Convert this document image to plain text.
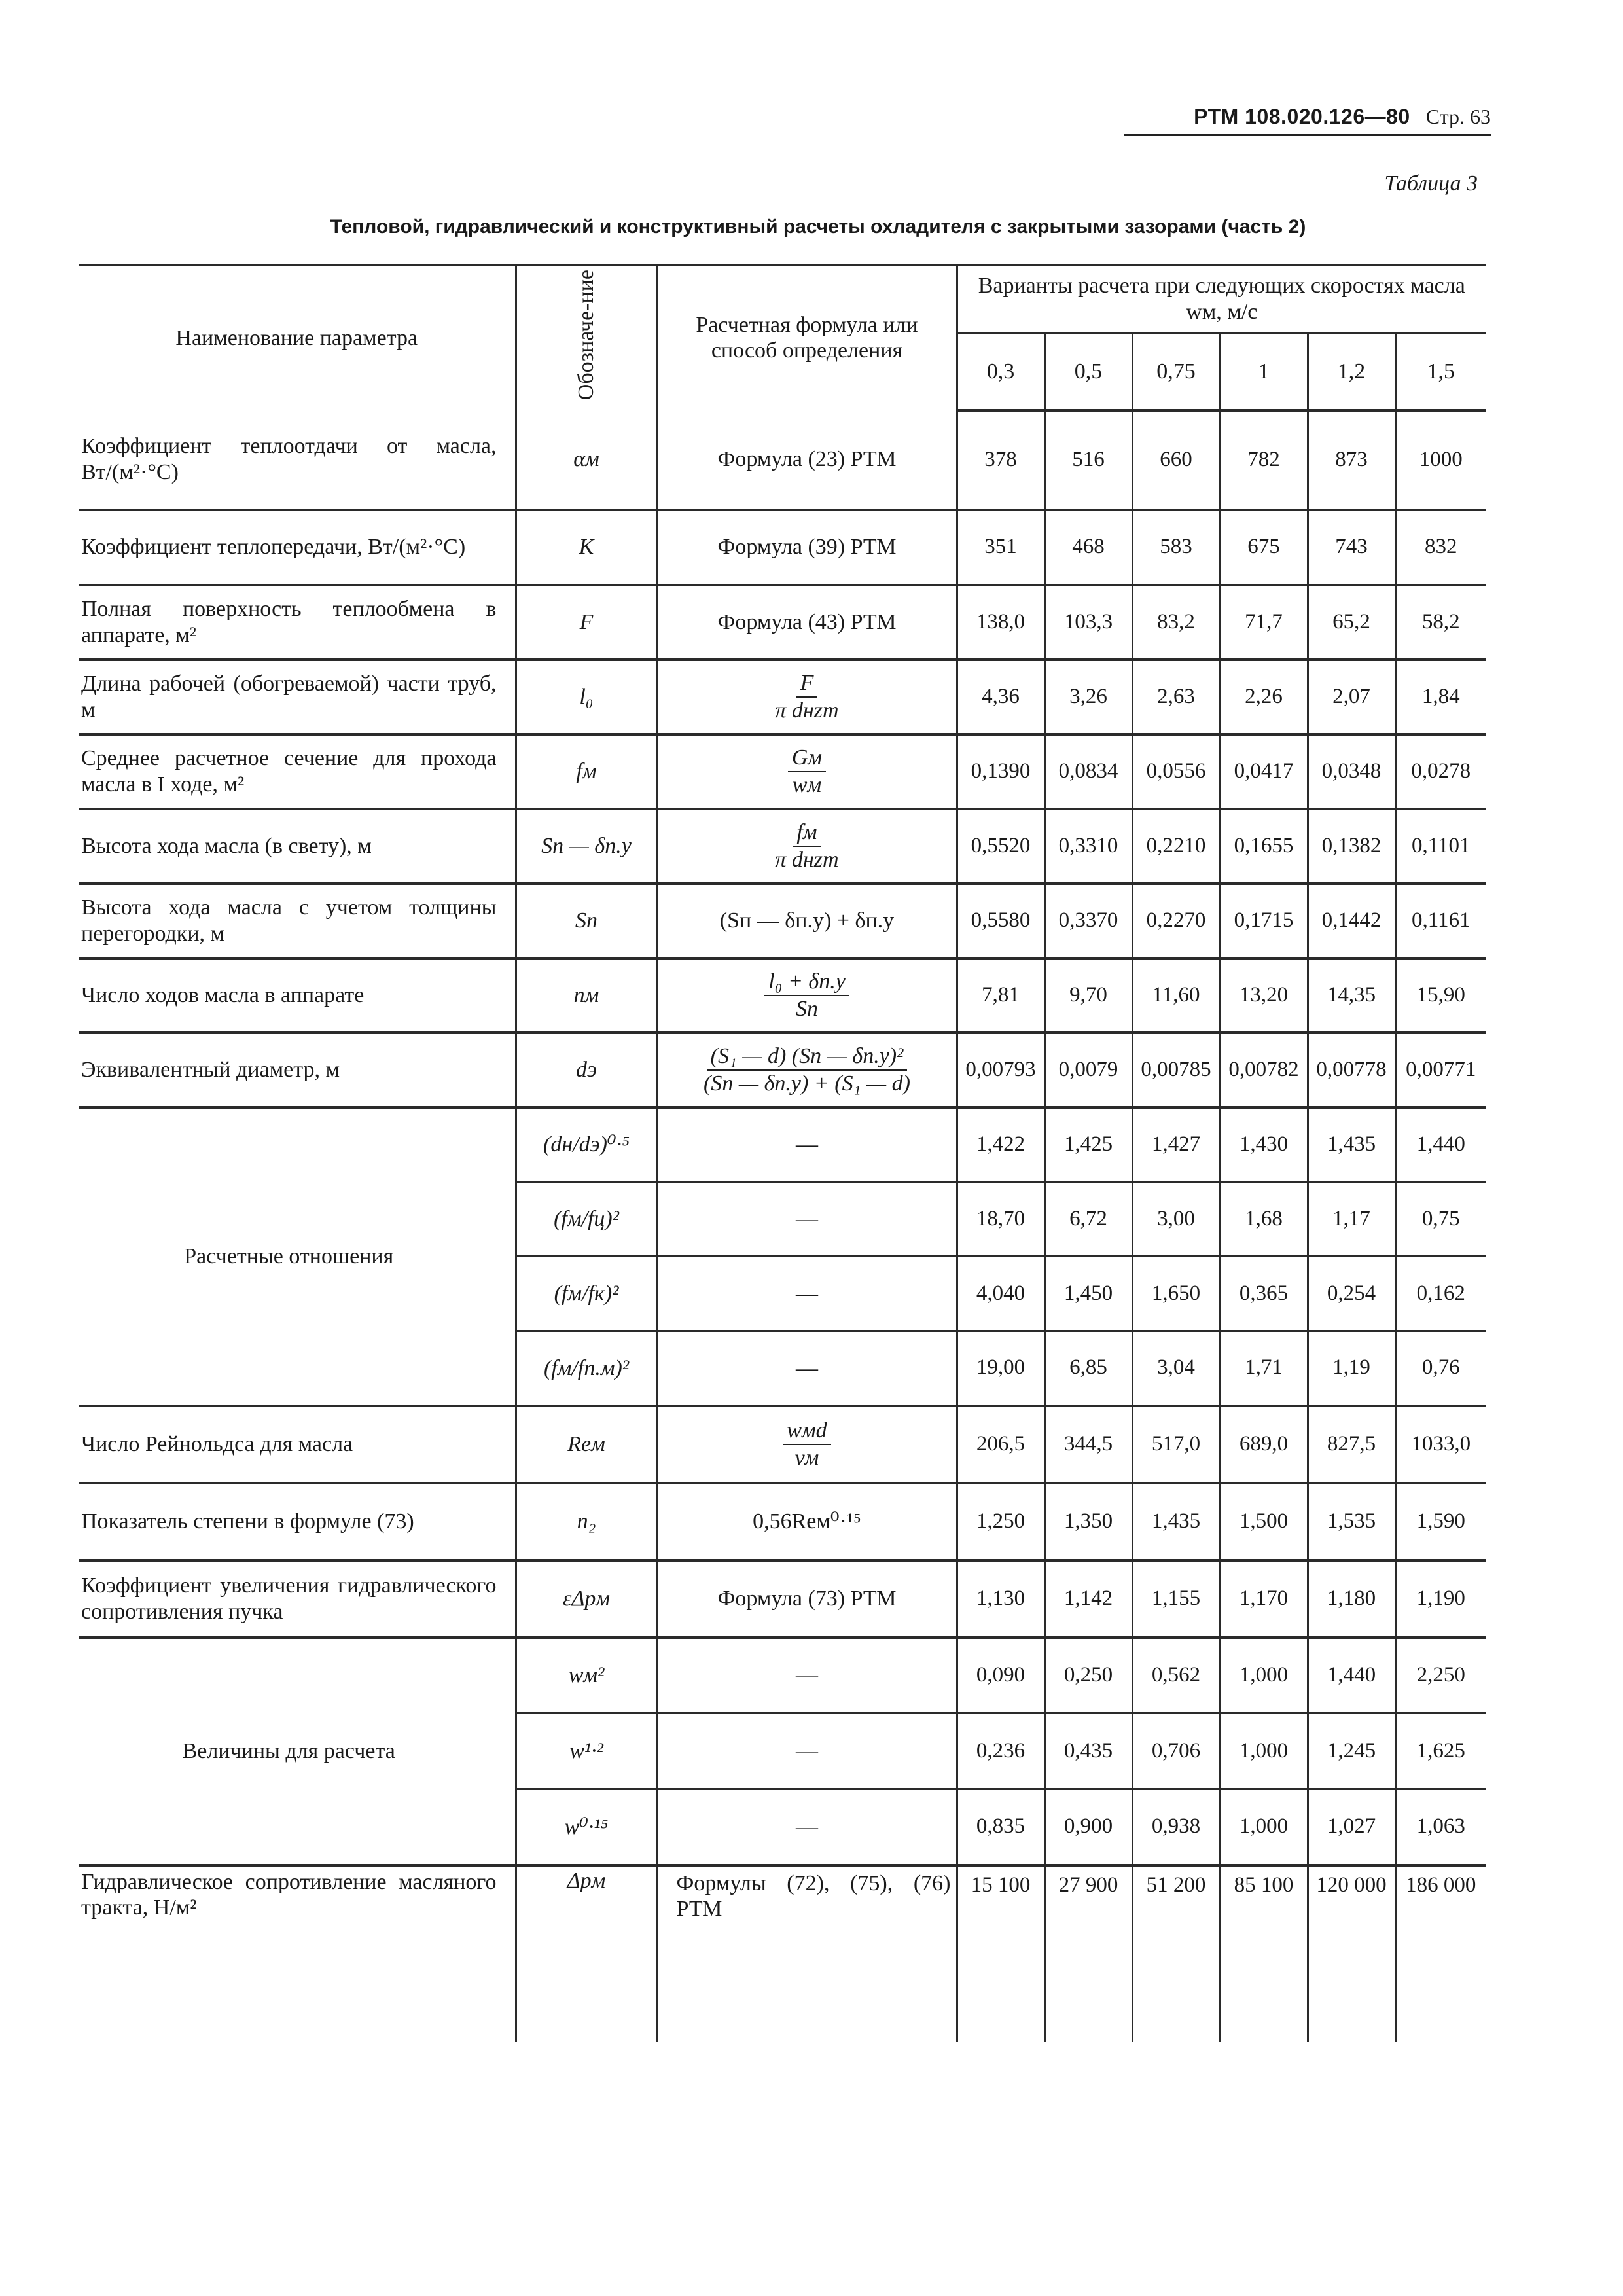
РТМ 108.020.126—80 Стр. 63
Таблица 3
Тепловой, гидравлический и конструктивный расчеты охладителя с закрытыми зазорами (часть 2)
Наименование параметра	Обозначе-ние	Расчетная формула или способ определения	Варианты расчета при следующих скоростях масла wм, м/с					
			0,3	0,5	0,75	1	1,2	1,5
Коэффициент теплоотдачи от масла, Вт/(м²·°C)	αм	Формула (23) РТМ	378	516	660	782	873	1000
Коэффициент теплопередачи, Вт/(м²·°C)	K	Формула (39) РТМ	351	468	583	675	743	832
Полная поверхность теплообмена в аппарате, м²	F	Формула (43) РТМ	138,0	103,3	83,2	71,7	65,2	58,2
Длина рабочей (обогреваемой) части труб, м	l₀	$\frac{F}{\text{π dнzт}}$	4,36	3,26	2,63	2,26	2,07	1,84
Среднее расчетное сечение для прохода масла в I ходе, м²	fм	$\frac{Gм}{wм}$	0,1390	0,0834	0,0556	0,0417	0,0348	0,0278
Высота хода масла (в свету), м	Sп — δп.у	$\frac{fм}{\text{π dнzт}}$	0,5520	0,3310	0,2210	0,1655	0,1382	0,1101
Высота хода масла с учетом толщины перегородки, м	Sп	(Sп — δп.у) + δп.у	0,5580	0,3370	0,2270	0,1715	0,1442	0,1161
Число ходов масла в аппарате	nм	$\frac{\text{l₀ + δп.у}}{Sп}$	7,81	9,70	11,60	13,20	14,35	15,90
Эквивалентный диаметр, м	dэ	$\frac{\text{(S₁ — d) (Sп — δп.у)²}}{\text{(Sп — δп.у) + (S₁ — d)}}$	0,00793	0,0079	0,00785	0,00782	0,00778	0,00771
Расчетные отношения	(dн/dэ)⁰·⁵	—	1,422	1,425	1,427	1,430	1,435	1,440
	(fм/fц)²	—	18,70	6,72	3,00	1,68	1,17	0,75
	(fм/fк)²	—	4,040	1,450	1,650	0,365	0,254	0,162
	(fм/fп.м)²	—	19,00	6,85	3,04	1,71	1,19	0,76
Число Рейнольдса для масла	Reм	$\frac{\text{wмd}}{\nu м}$	206,5	344,5	517,0	689,0	827,5	1033,0
Показатель степени в формуле (73)	n₂	0,56Reм⁰·¹⁵	1,250	1,350	1,435	1,500	1,535	1,590
Коэффициент увеличения гидравлического сопротивления пучка	εΔpм	Формула (73) РТМ	1,130	1,142	1,155	1,170	1,180	1,190
Величины для расчета	wм²	—	0,090	0,250	0,562	1,000	1,440	2,250
	w¹·²	—	0,236	0,435	0,706	1,000	1,245	1,625
	w⁰·¹⁵	—	0,835	0,900	0,938	1,000	1,027	1,063
Гидравлическое сопротивление масляного тракта, Н/м²	Δpм	Формулы (72), (75), (76) РТМ	15 100	27 900	51 200	85 100	120 000	186 000
